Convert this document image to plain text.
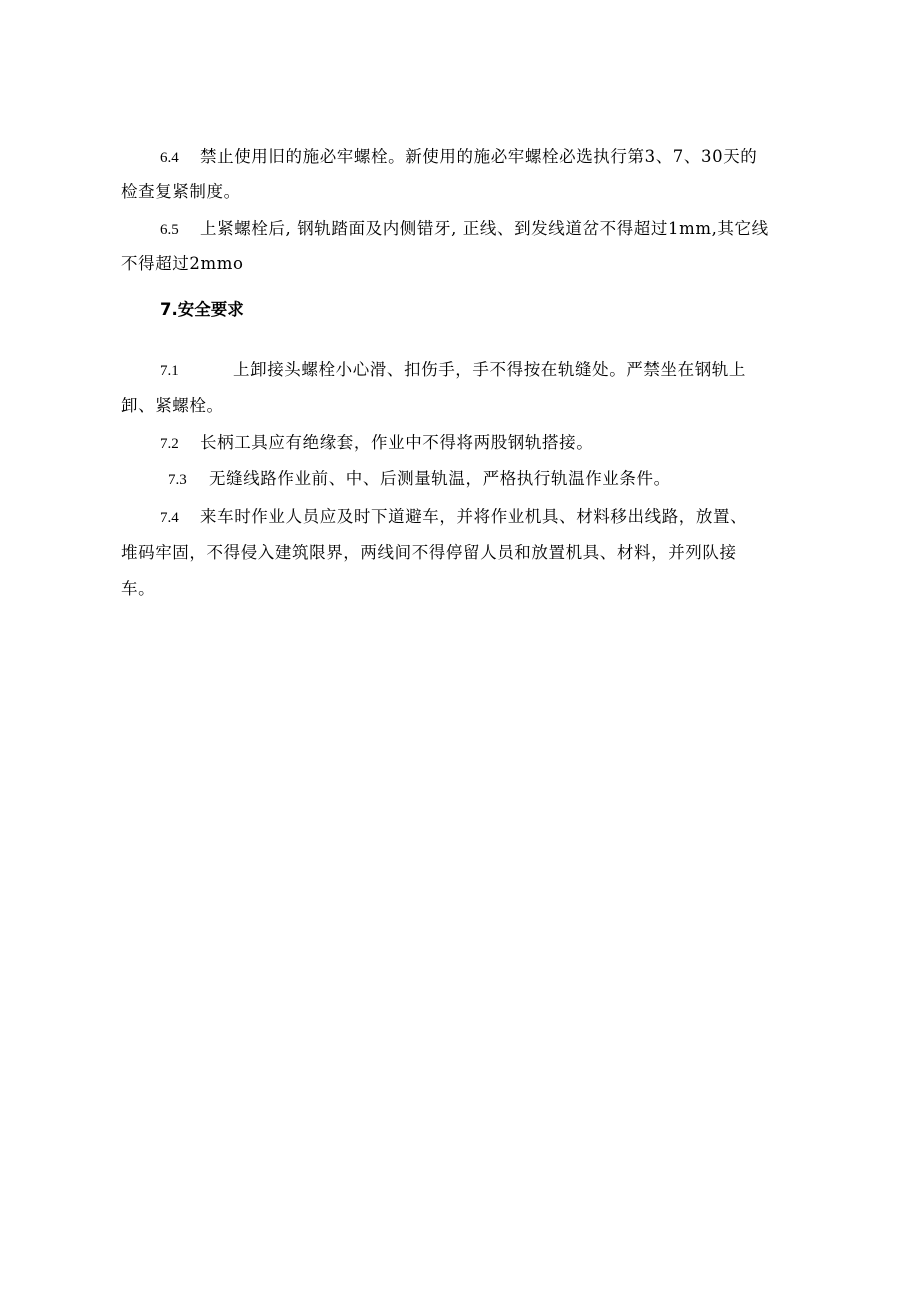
6.4 禁止使用旧的施必牢螺栓。新使用的施必牢螺栓必选执行第3、7、30天的
检查复紧制度。
6.5 上紧螺栓后, 钢轨踏面及内侧错牙, 正线、到发线道岔不得超过1mm,其它线
不得超过2mmo
7.安全要求
7.1	上卸接头螺栓小心滑、扣伤手，手不得按在轨缝处。严禁坐在钢轨上
卸、紧螺栓。
7.2 长柄工具应有绝缘套，作业中不得将两股钢轨搭接。
7.3 无缝线路作业前、中、后测量轨温，严格执行轨温作业条件。
7.4 来车时作业人员应及时下道避车，并将作业机具、材料移出线路，放置、
堆码牢固，不得侵入建筑限界，两线间不得停留人员和放置机具、材料，并列队接
车。
